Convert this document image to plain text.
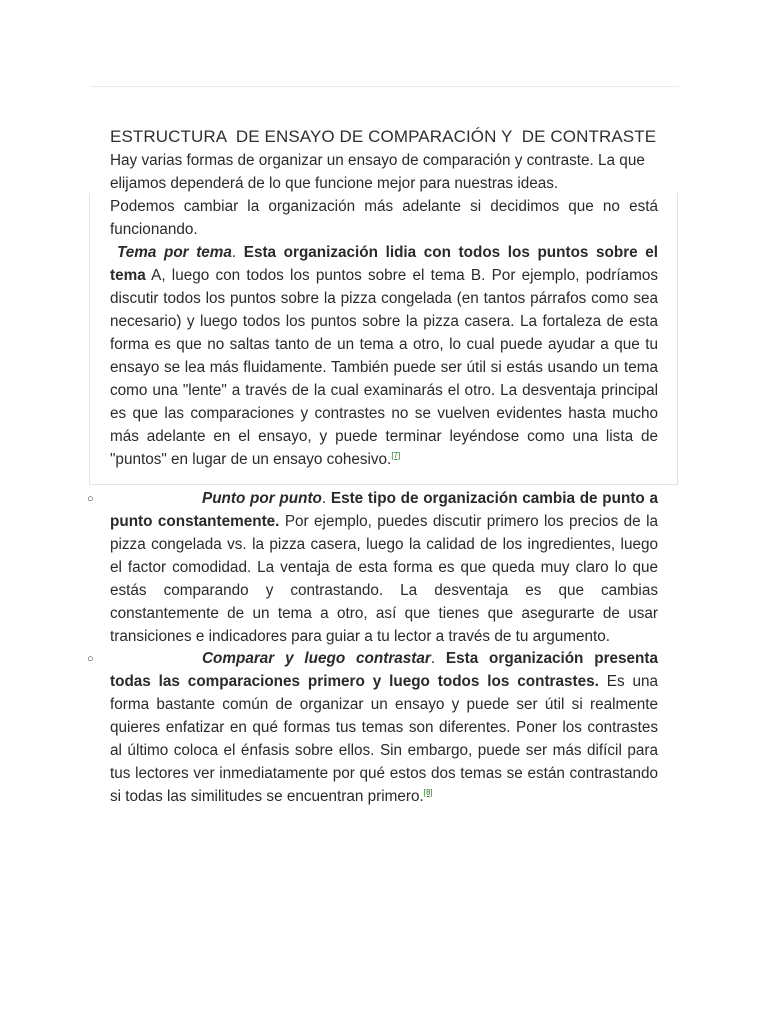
ESTRUCTURA  DE ENSAYO DE COMPARACIÓN Y  DE CONTRASTE

Hay varias formas de organizar un ensayo de comparación y contraste. La que elijamos dependerá de lo que funcione mejor para nuestras ideas.

Podemos cambiar la organización más adelante si decidimos que no está funcionando.

Tema por tema. Esta organización lidia con todos los puntos sobre el tema A, luego con todos los puntos sobre el tema B. Por ejemplo, podríamos discutir todos los puntos sobre la pizza congelada (en tantos párrafos como sea necesario) y luego todos los puntos sobre la pizza casera. La fortaleza de esta forma es que no saltas tanto de un tema a otro, lo cual puede ayudar a que tu ensayo se lea más fluidamente. También puede ser útil si estás usando un tema como una "lente" a través de la cual examinarás el otro. La desventaja principal es que las comparaciones y contrastes no se vuelven evidentes hasta mucho más adelante en el ensayo, y puede terminar leyéndose como una lista de "puntos" en lugar de un ensayo cohesivo.[7]

○	Punto por punto. Este tipo de organización cambia de punto a punto constantemente. Por ejemplo, puedes discutir primero los precios de la pizza congelada vs. la pizza casera, luego la calidad de los ingredientes, luego el factor comodidad. La ventaja de esta forma es que queda muy claro lo que estás comparando y contrastando. La desventaja es que cambias constantemente de un tema a otro, así que tienes que asegurarte de usar transiciones e indicadores para guiar a tu lector a través de tu argumento.

○	Comparar y luego contrastar. Esta organización presenta todas las comparaciones primero y luego todos los contrastes. Es una forma bastante común de organizar un ensayo y puede ser útil si realmente quieres enfatizar en qué formas tus temas son diferentes. Poner los contrastes al último coloca el énfasis sobre ellos. Sin embargo, puede ser más difícil para tus lectores ver inmediatamente por qué estos dos temas se están contrastando si todas las similitudes se encuentran primero.[8]
